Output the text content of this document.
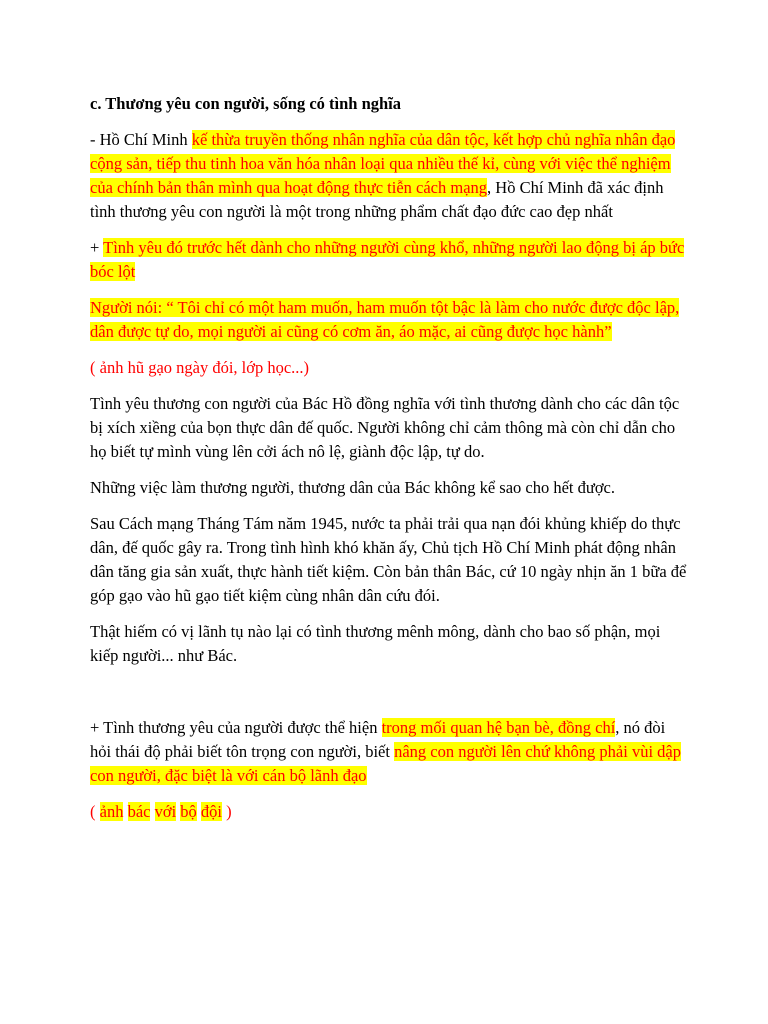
c. Thương yêu con người, sống có tình nghĩa

- Hồ Chí Minh kế thừa truyền thống nhân nghĩa của dân tộc, kết hợp chủ nghĩa nhân đạo cộng sản, tiếp thu tinh hoa văn hóa nhân loại qua nhiều thế kỉ, cùng với việc thể nghiệm của chính bản thân mình qua hoạt động thực tiễn cách mạng, Hồ Chí Minh đã xác định tình thương yêu con người là một trong những phẩm chất đạo đức cao đẹp nhất

+ Tình yêu đó trước hết dành cho những người cùng khổ, những người lao động bị áp bức bóc lột

Người nói: “ Tôi chỉ có một ham muốn, ham muốn tột bậc là làm cho nước được độc lập, dân được tự do, mọi người ai cũng có cơm ăn, áo mặc, ai cũng được học hành”

( ảnh hũ gạo ngày đói, lớp học...)

Tình yêu thương con người của Bác Hồ đồng nghĩa với tình thương dành cho các dân tộc bị xích xiềng của bọn thực dân đế quốc. Người không chỉ cảm thông mà còn chỉ dẫn cho họ biết tự mình vùng lên cởi ách nô lệ, giành độc lập, tự do.

Những việc làm thương người, thương dân của Bác không kể sao cho hết được.

Sau Cách mạng Tháng Tám năm 1945, nước ta phải trải qua nạn đói khủng khiếp do thực dân, đế quốc gây ra. Trong tình hình khó khăn ấy, Chủ tịch Hồ Chí Minh phát động nhân dân tăng gia sản xuất, thực hành tiết kiệm. Còn bản thân Bác, cứ 10 ngày nhịn ăn 1 bữa để góp gạo vào hũ gạo tiết kiệm cùng nhân dân cứu đói.

Thật hiếm có vị lãnh tụ nào lại có tình thương mênh mông, dành cho bao số phận, mọi kiếp người... như Bác.

+ Tình thương yêu của người được thể hiện trong mối quan hệ bạn bè, đồng chí, nó đòi hỏi thái độ phải biết tôn trọng con người, biết nâng con người lên chứ không phải vùi dập con người, đặc biệt là với cán bộ lãnh đạo

( ảnh bác với bộ đội )
